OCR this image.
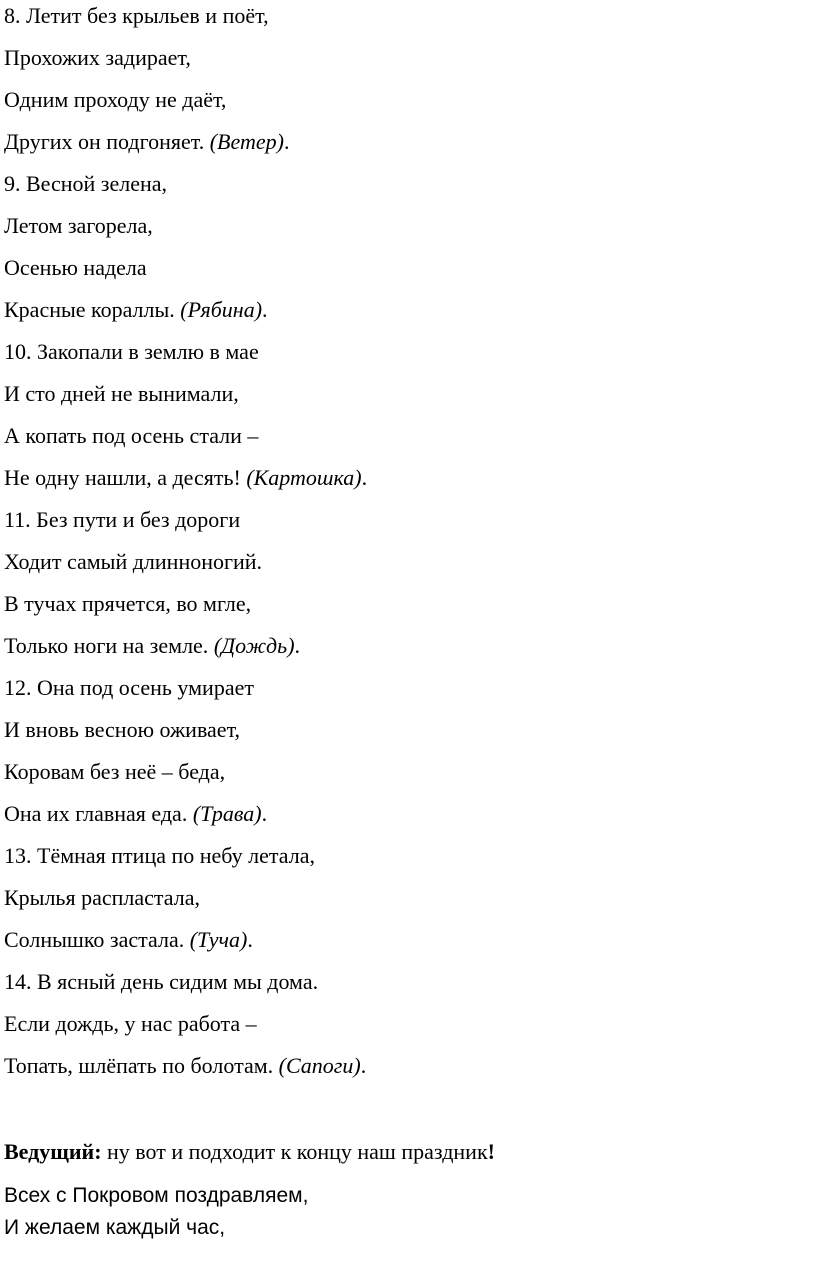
8. Летит без крыльев и поёт,
Прохожих задирает,
Одним проходу не даёт,
Других он подгоняет. (Ветер).
9. Весной зелена,
Летом загорела,
Осенью надела
Красные кораллы. (Рябина).
10. Закопали в землю в мае
И сто дней не вынимали,
А копать под осень стали –
Не одну нашли, а десять! (Картошка).
11. Без пути и без дороги
Ходит самый длинноногий.
В тучах прячется, во мгле,
Только ноги на земле. (Дождь).
12. Она под осень умирает
И вновь весною оживает,
Коровам без неё – беда,
Она их главная еда. (Трава).
13. Тёмная птица по небу летала,
Крылья распластала,
Солнышко застала. (Туча).
14. В ясный день сидим мы дома.
Если дождь, у нас работа –
Топать, шлёпать по болотам. (Сапоги).
Ведущий: ну вот и подходит к концу наш праздник!
Всех с Покровом поздравляем,
И желаем каждый час,
